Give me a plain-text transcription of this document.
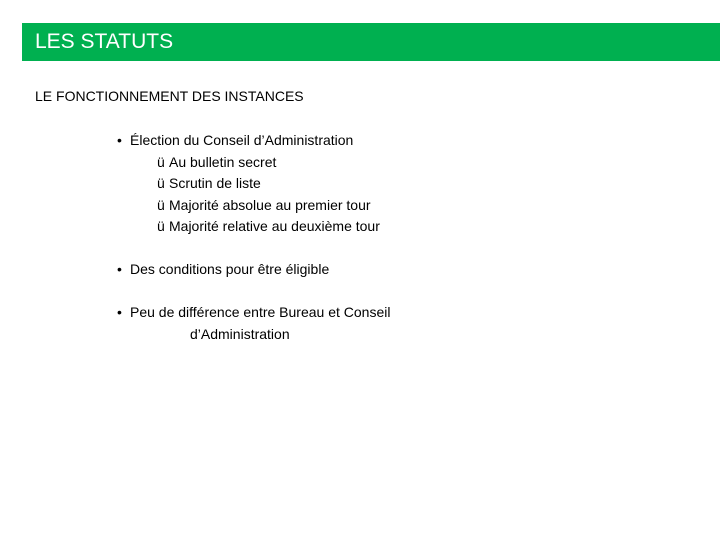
LES STATUTS
LE FONCTIONNEMENT DES INSTANCES
• Élection du Conseil d’Administration
ü Au bulletin secret
ü Scrutin de liste
ü Majorité absolue au premier tour
ü Majorité relative au deuxième tour
• Des conditions pour être éligible
• Peu de différence entre Bureau et Conseil
d’Administration
